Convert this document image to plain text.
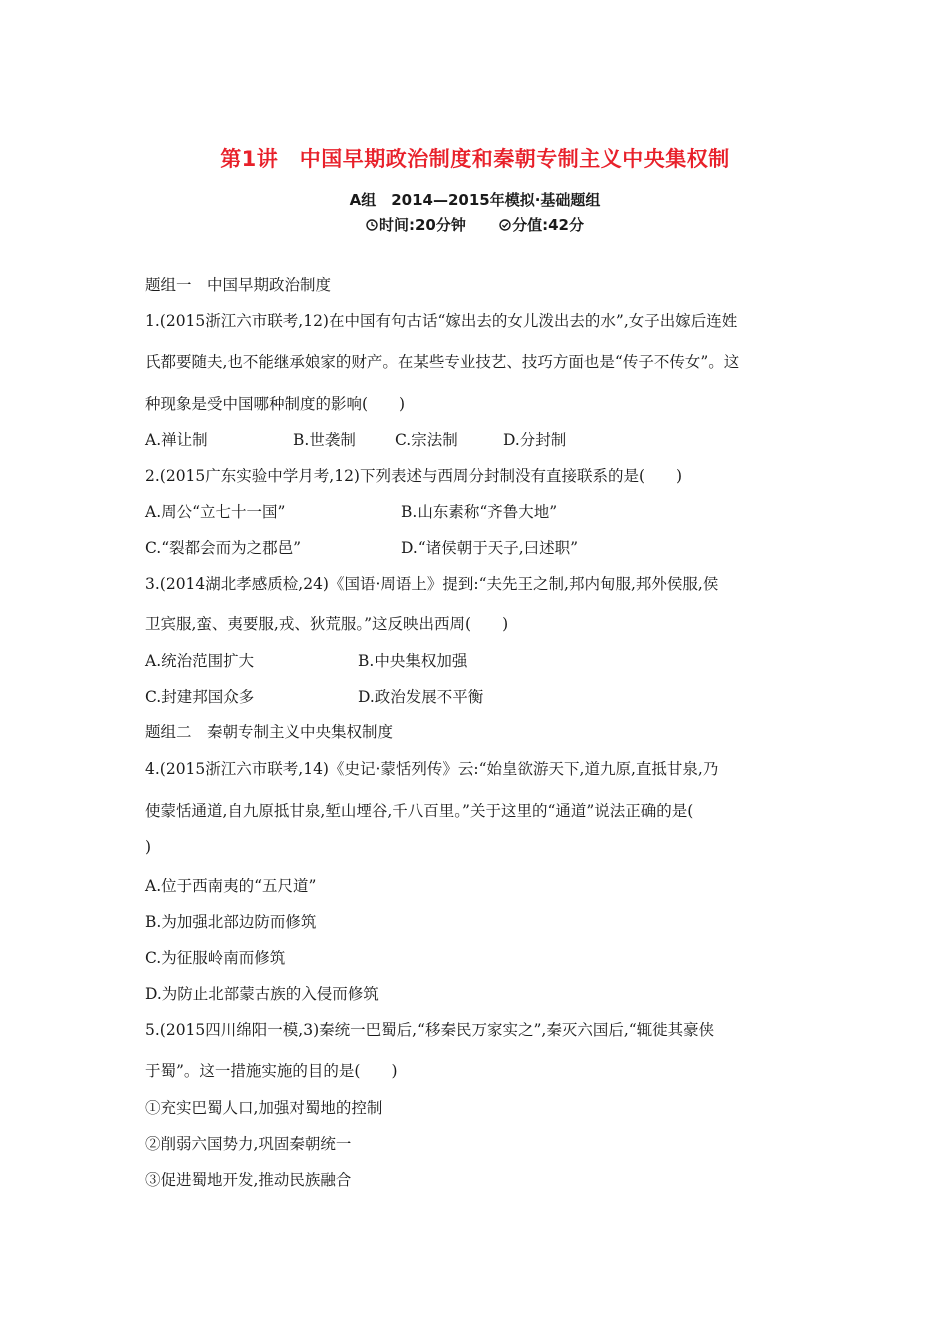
第1讲　中国早期政治制度和秦朝专制主义中央集权制
A组　2014—2015年模拟·基础题组
时间:20分钟	分值:42分
题组一　中国早期政治制度
1.(2015浙江六市联考,12)在中国有句古话“嫁出去的女儿泼出去的水”,女子出嫁后连姓
氏都要随夫,也不能继承娘家的财产。在某些专业技艺、技巧方面也是“传子不传女”。这
种现象是受中国哪种制度的影响(　　)
A.禅让制	B.世袭制	C.宗法制	D.分封制
2.(2015广东实验中学月考,12)下列表述与西周分封制没有直接联系的是(　　)
A.周公“立七十一国”	B.山东素称“齐鲁大地”
C.“裂都会而为之郡邑”	D.“诸侯朝于天子,曰述职”
3.(2014湖北孝感质检,24)《国语·周语上》提到:“夫先王之制,邦内甸服,邦外侯服,侯
卫宾服,蛮、夷要服,戎、狄荒服。”这反映出西周(　　)
A.统治范围扩大	B.中央集权加强
C.封建邦国众多	D.政治发展不平衡
题组二　秦朝专制主义中央集权制度
4.(2015浙江六市联考,14)《史记·蒙恬列传》云:“始皇欲游天下,道九原,直抵甘泉,乃
使蒙恬通道,自九原抵甘泉,堑山堙谷,千八百里。”关于这里的“通道”说法正确的是(
)
A.位于西南夷的“五尺道”
B.为加强北部边防而修筑
C.为征服岭南而修筑
D.为防止北部蒙古族的入侵而修筑
5.(2015四川绵阳一模,3)秦统一巴蜀后,“移秦民万家实之”,秦灭六国后,“辄徙其豪侠
于蜀”。这一措施实施的目的是(　　)
①充实巴蜀人口,加强对蜀地的控制
②削弱六国势力,巩固秦朝统一
③促进蜀地开发,推动民族融合
